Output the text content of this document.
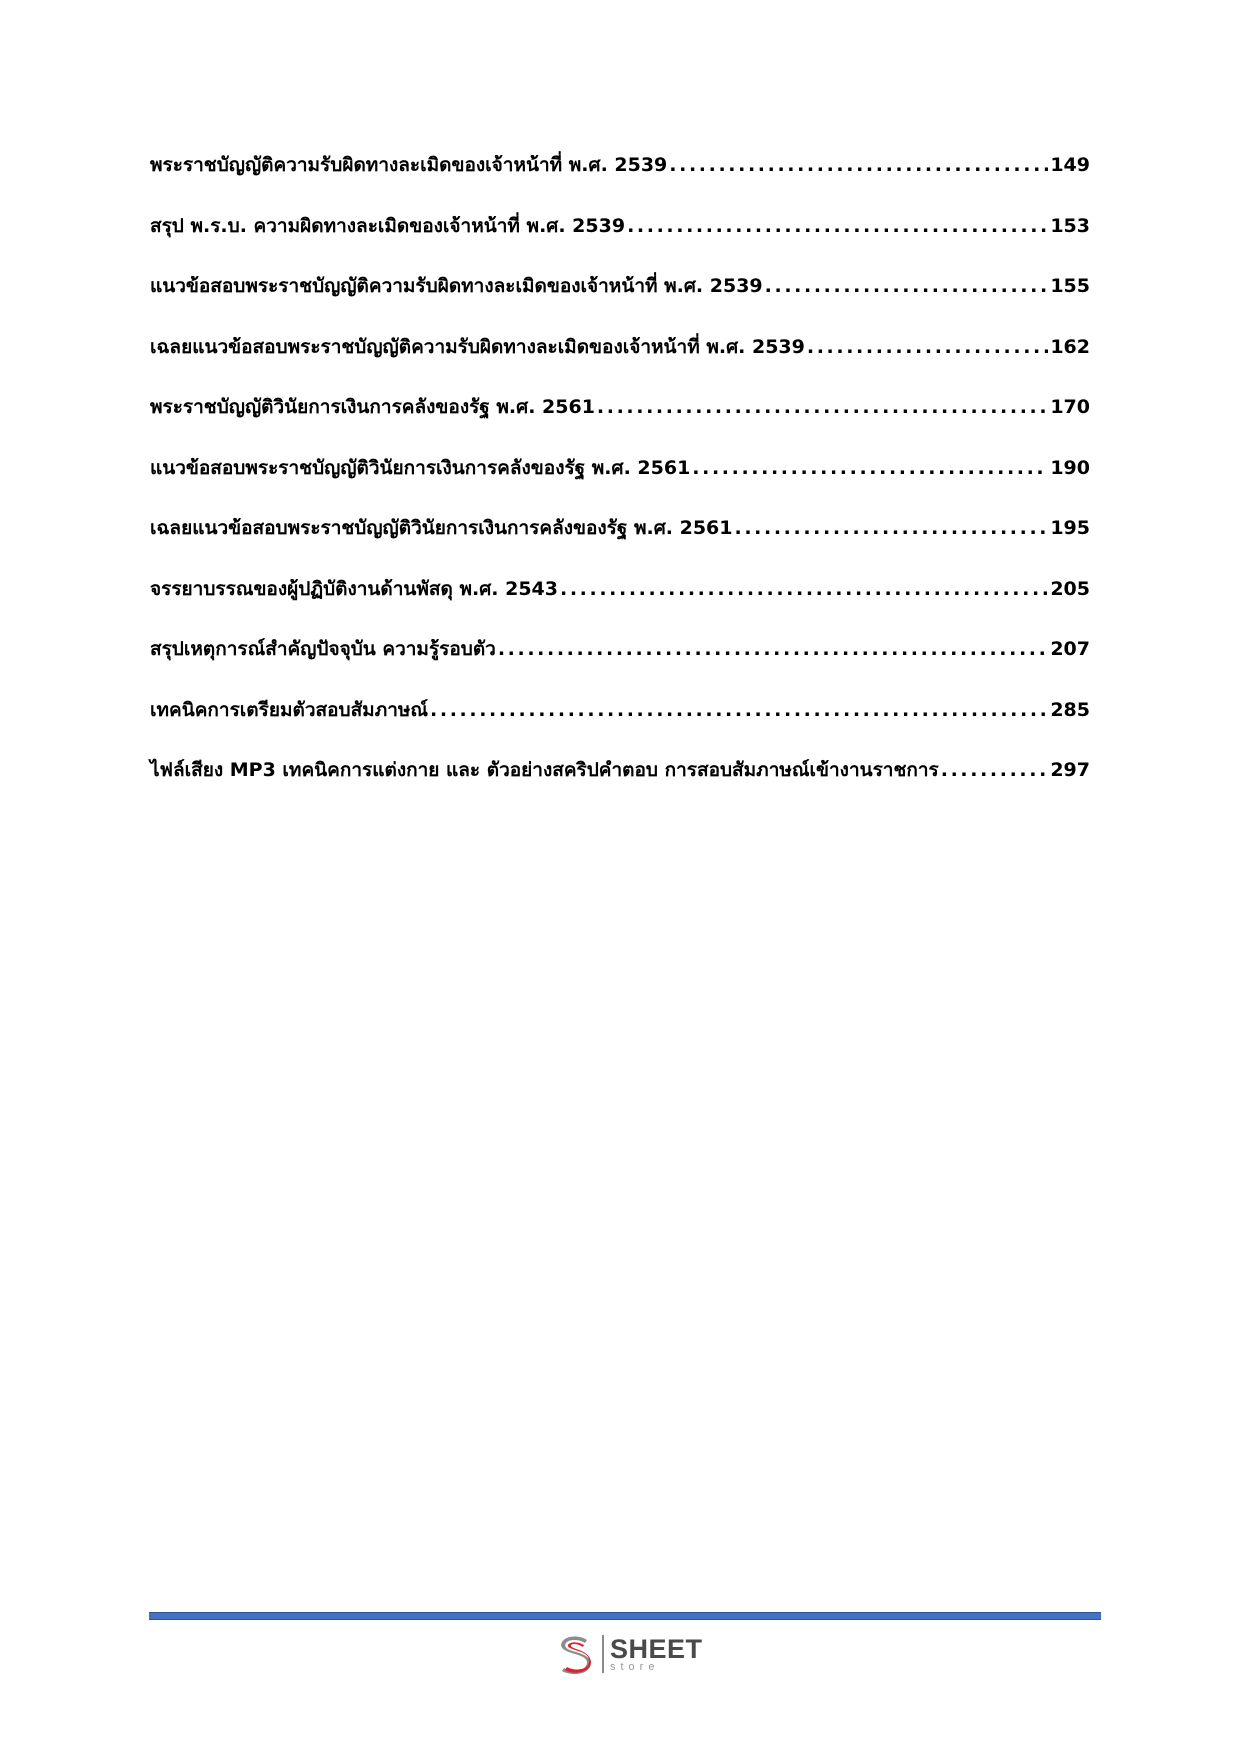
พระราชบัญญัติความรับผิดทางละเมิดของเจ้าหน้าที่ พ.ศ. 2539 . . .	149
สรุป พ.ร.บ. ความผิดทางละเมิดของเจ้าหน้าที่ พ.ศ. 2539 . . .	153
แนวข้อสอบพระราชบัญญัติความรับผิดทางละเมิดของเจ้าหน้าที่ พ.ศ. 2539 . . .	155
เฉลยแนวข้อสอบพระราชบัญญัติความรับผิดทางละเมิดของเจ้าหน้าที่ พ.ศ. 2539 . . .	162
พระราชบัญญัติวินัยการเงินการคลังของรัฐ พ.ศ. 2561 . . .	170
แนวข้อสอบพระราชบัญญัติวินัยการเงินการคลังของรัฐ พ.ศ. 2561 . . .	190
เฉลยแนวข้อสอบพระราชบัญญัติวินัยการเงินการคลังของรัฐ พ.ศ. 2561 . . .	195
จรรยาบรรณของผู้ปฏิบัติงานด้านพัสดุ พ.ศ. 2543 . . .	205
สรุปเหตุการณ์สำคัญปัจจุบัน ความรู้รอบตัว . . .	207
เทคนิคการเตรียมตัวสอบสัมภาษณ์ . . .	285
ไฟล์เสียง MP3 เทคนิคการแต่งกาย และ ตัวอย่างสคริปคำตอบ การสอบสัมภาษณ์เข้างานราชการ . . .	297
SHEET
store
